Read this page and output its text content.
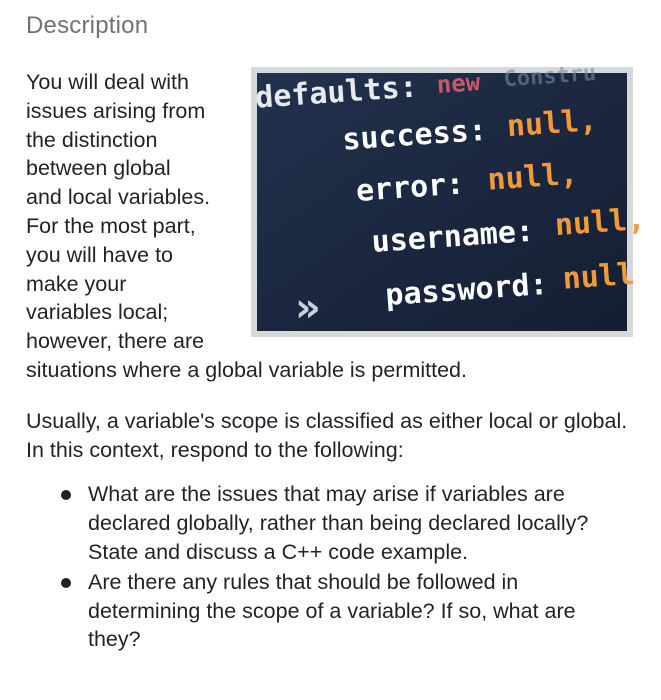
Description
defaults: new Constru
success: null,
error: null,
username: null,
password: null
»

You will deal with issues arising from the distinction between global and local variables. For the most part, you will have to make your variables local; however, there are situations where a global variable is permitted.

Usually, a variable's scope is classified as either local or global. In this context, respond to the following:

What are the issues that may arise if variables are declared globally, rather than being declared locally? State and discuss a C++ code example.
Are there any rules that should be followed in determining the scope of a variable? If so, what are they?
